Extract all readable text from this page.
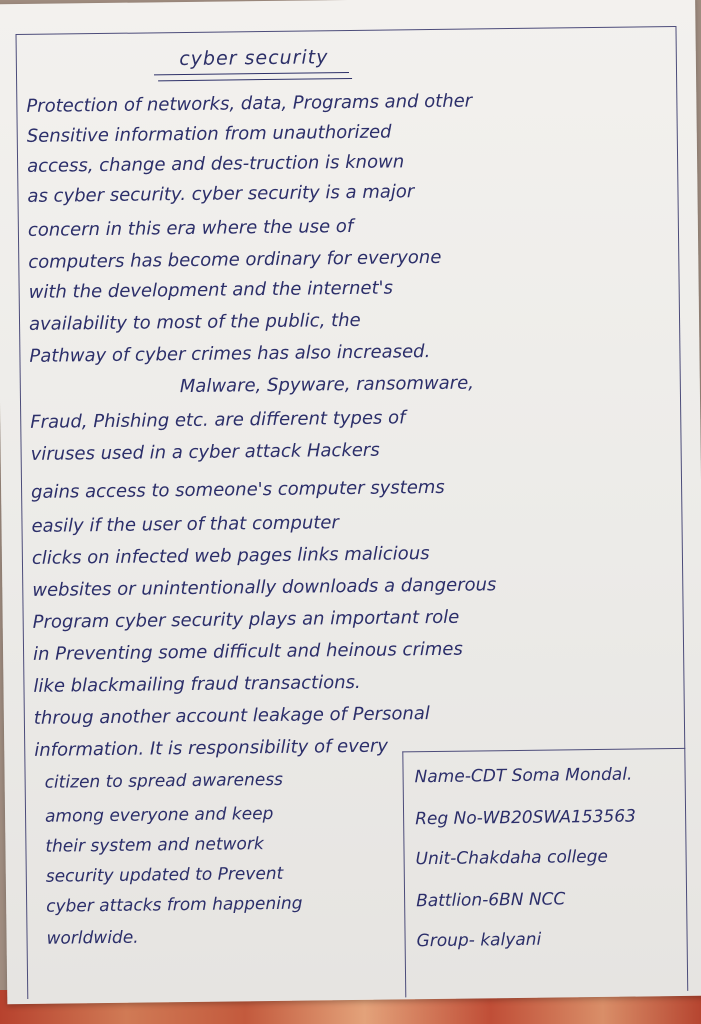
cyber security
Protection of networks, data, Programs and other
Sensitive information from unauthorized
access, change and des-truction is known
as cyber security. cyber security is a major
concern in this era where the use of
computers has become ordinary for everyone
with the development and the internet's
availability to most of the public, the
Pathway of cyber crimes has also increased.
Malware, Spyware, ransomware,
Fraud, Phishing etc. are different types of
viruses used in a cyber attack Hackers
gains access to someone's computer systems
easily if the user of that computer
clicks on infected web pages links malicious
websites or unintentionally downloads a dangerous
Program cyber security plays an important role
in Preventing some difficult and heinous crimes
like blackmailing fraud transactions.
throug another account leakage of Personal
information. It is responsibility of every
citizen to spread awareness
among everyone and keep
their system and network
security updated to Prevent
cyber attacks from happening
worldwide.
Name-CDT Soma Mondal.
Reg No-WB20SWA153563
Unit-Chakdaha college
Battlion-6BN NCC
Group- kalyani
